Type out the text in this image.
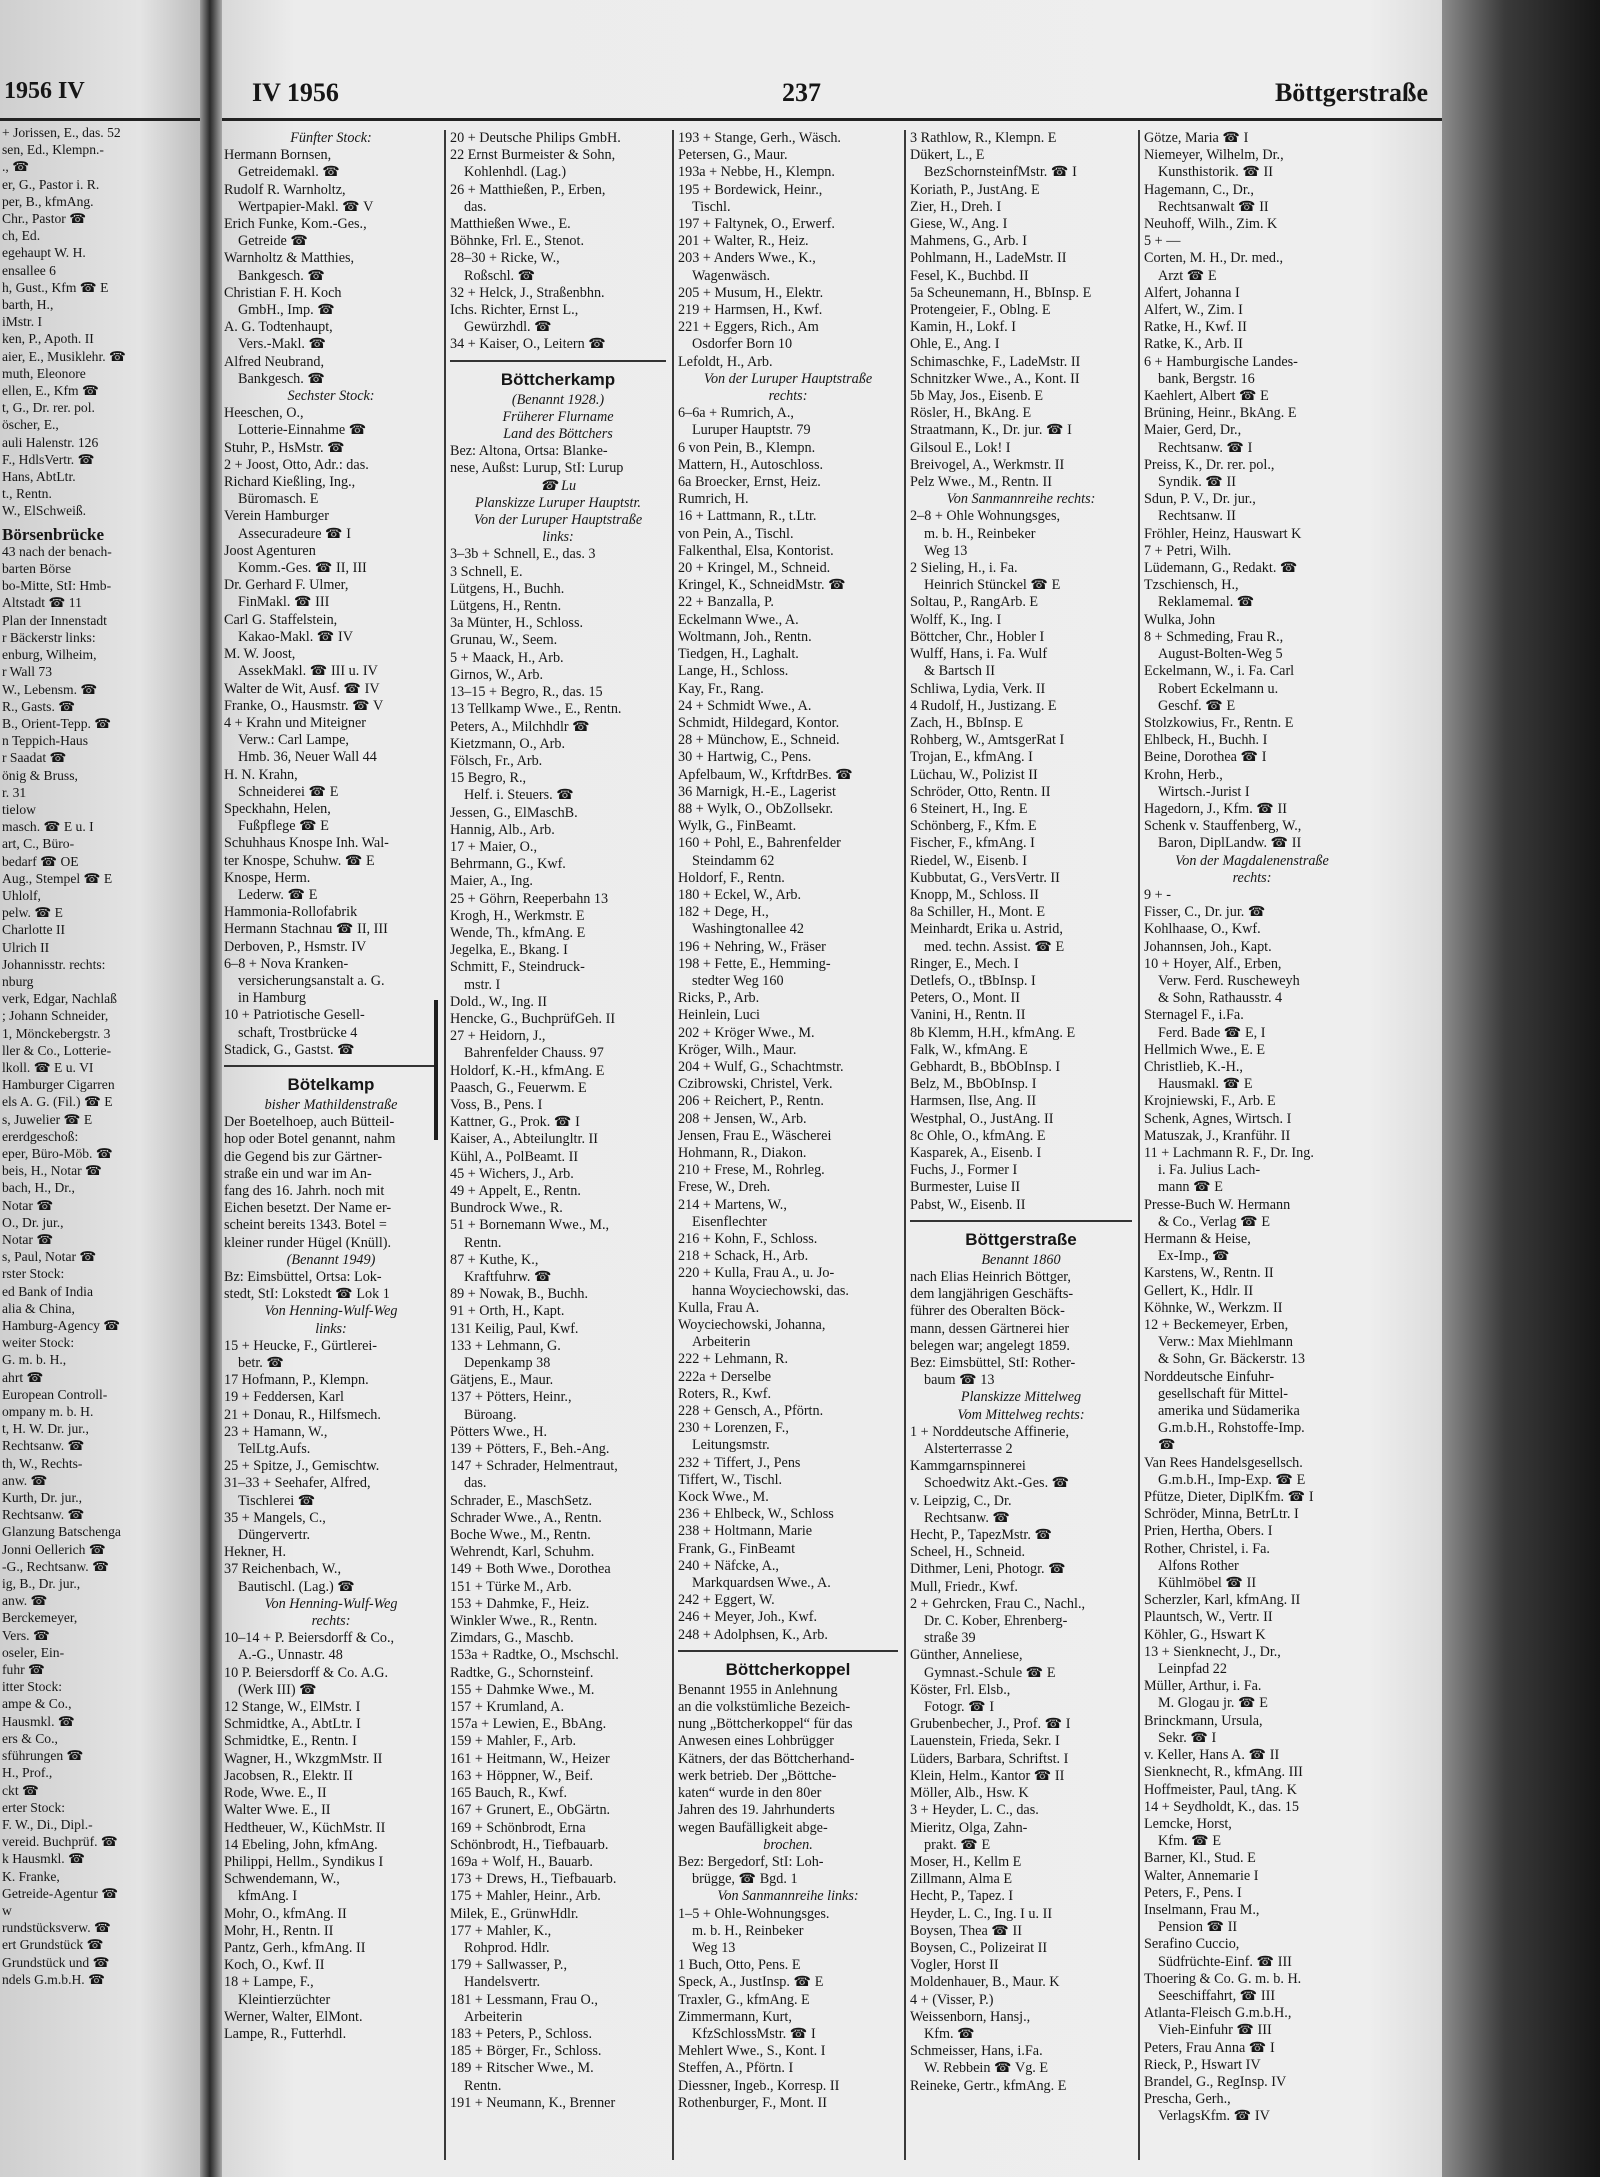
1956 IV
+ Jorissen, E., das. 52
sen, Ed., Klempn.-
., ☎
er, G., Pastor i. R.
per, B., kfmAng.
Chr., Pastor ☎
ch, Ed.
egehaupt W. H.
ensallee 6
h, Gust., Kfm ☎ E
barth, H.,
iMstr. I
ken, P., Apoth. II
aier, E., Musiklehr. ☎
muth, Eleonore
ellen, E., Kfm ☎
t, G., Dr. rer. pol.
öscher, E.,
auli Halenstr. 126
F., HdlsVertr. ☎
Hans, AbtLtr.
t., Rentn.
W., ElSchweiß.
Börsenbrücke
43 nach der benach-
barten Börse
bo-Mitte, StI: Hmb-
Altstadt ☎ 11
Plan der Innenstadt
r Bäckerstr links:
enburg, Wilheim,
r Wall 73
W., Lebensm. ☎
R., Gasts. ☎
B., Orient-Tepp. ☎
n Teppich-Haus
r Saadat ☎
önig & Bruss,
r. 31
tielow
masch. ☎ E u. I
art, C., Büro-
bedarf ☎ OE
Aug., Stempel ☎ E
Uhlolf,
pelw. ☎ E
Charlotte II
Ulrich II
Johannisstr. rechts:
nburg
verk, Edgar, Nachlaß
; Johann Schneider,
1, Mönckebergstr. 3
ller & Co., Lotterie-
lkoll. ☎ E u. VI
Hamburger Cigarren
els A. G. (Fil.) ☎ E
s, Juwelier ☎ E
ererdgeschoß:
eper, Büro-Möb. ☎
beis, H., Notar ☎
bach, H., Dr.,
Notar ☎
O., Dr. jur.,
Notar ☎
s, Paul, Notar ☎
rster Stock:
ed Bank of India
alia & China,
Hamburg-Agency ☎
weiter Stock:
G. m. b. H.,
ahrt ☎
European Controll-
ompany m. b. H.
t, H. W. Dr. jur.,
Rechtsanw. ☎
th, W., Rechts-
anw. ☎
Kurth, Dr. jur.,
Rechtsanw. ☎
Glanzung Batschenga
Jonni Oellerich ☎
-G., Rechtsanw. ☎
ig, B., Dr. jur.,
anw. ☎
Berckemeyer,
Vers. ☎
oseler, Ein-
fuhr ☎
itter Stock:
ampe & Co.,
Hausmkl. ☎
ers & Co.,
sführungen ☎
H., Prof.,
ckt ☎
erter Stock:
F. W., Di., Dipl.-
vereid. Buchprüf. ☎
k Hausmkl. ☎
K. Franke,
Getreide-Agentur ☎
w
rundstücksverw. ☎
ert Grundstück ☎
Grundstück und ☎
ndels G.m.b.H. ☎
IV 1956	237	Böttgerstraße
Fünfter Stock:
Hermann Bornsen,
Getreidemakl. ☎
Rudolf R. Warnholtz,
Wertpapier-Makl. ☎ V
Erich Funke, Kom.-Ges.,
Getreide ☎
Warnholtz & Matthies,
Bankgesch. ☎
Christian F. H. Koch
GmbH., Imp. ☎
A. G. Todtenhaupt,
Vers.-Makl. ☎
Alfred Neubrand,
Bankgesch. ☎
Sechster Stock:
Heeschen, O.,
Lotterie-Einnahme ☎
Stuhr, P., HsMstr. ☎
2 + Joost, Otto, Adr.: das.
Richard Kießling, Ing.,
Büromasch. E
Verein Hamburger
Assecuradeure ☎ I
Joost Agenturen
Komm.-Ges. ☎ II, III
Dr. Gerhard F. Ulmer,
FinMakl. ☎ III
Carl G. Staffelstein,
Kakao-Makl. ☎ IV
M. W. Joost,
AssekMakl. ☎ III u. IV
Walter de Wit, Ausf. ☎ IV
Franke, O., Hausmstr. ☎ V
4 + Krahn und Miteigner
Verw.: Carl Lampe,
Hmb. 36, Neuer Wall 44
H. N. Krahn,
Schneiderei ☎ E
Speckhahn, Helen,
Fußpflege ☎ E
Schuhhaus Knospe Inh. Wal-
ter Knospe, Schuhw. ☎ E
Knospe, Herm.
Lederw. ☎ E
Hammonia-Rollofabrik
Hermann Stachnau ☎ II, III
Derboven, P., Hsmstr. IV
6–8 + Nova Kranken-
versicherungsanstalt a. G.
in Hamburg
10 + Patriotische Gesell-
schaft, Trostbrücke 4
Stadick, G., Gastst. ☎
Bötelkamp
bisher Mathildenstraße
Der Boetelhoep, auch Bütteil-
hop oder Botel genannt, nahm
die Gegend bis zur Gärtner-
straße ein und war im An-
fang des 16. Jahrh. noch mit
Eichen besetzt. Der Name er-
scheint bereits 1343. Botel =
kleiner runder Hügel (Knüll).
(Benannt 1949)
Bz: Eimsbüttel, Ortsa: Lok-
stedt, StI: Lokstedt ☎ Lok 1
Von Henning-Wulf-Weg
links:
15 + Heucke, F., Gürtlerei-
betr. ☎
17 Hofmann, P., Klempn.
19 + Feddersen, Karl
21 + Donau, R., Hilfsmech.
23 + Hamann, W.,
TelLtg.Aufs.
25 + Spitze, J., Gemischtw.
31–33 + Seehafer, Alfred,
Tischlerei ☎
35 + Mangels, C.,
Düngervertr.
Hekner, H.
37 Reichenbach, W.,
Bautischl. (Lag.) ☎
Von Henning-Wulf-Weg
rechts:
10–14 + P. Beiersdorff & Co.,
A.-G., Unnastr. 48
10 P. Beiersdorff & Co. A.G.
(Werk III) ☎
12 Stange, W., ElMstr. I
Schmidtke, A., AbtLtr. I
Schmidtke, E., Rentn. I
Wagner, H., WkzgmMstr. II
Jacobsen, R., Elektr. II
Rode, Wwe. E., II
Walter Wwe. E., II
Hedtheuer, W., KüchMstr. II
14 Ebeling, John, kfmAng.
Philippi, Hellm., Syndikus I
Schwendemann, W.,
kfmAng. I
Mohr, O., kfmAng. II
Mohr, H., Rentn. II
Pantz, Gerh., kfmAng. II
Koch, O., Kwf. II
18 + Lampe, F.,
Kleintierzüchter
Werner, Walter, ElMont.
Lampe, R., Futterhdl.
20 + Deutsche Philips GmbH.
22 Ernst Burmeister & Sohn,
Kohlenhdl. (Lag.)
26 + Matthießen, P., Erben,
das.
Matthießen Wwe., E.
Böhnke, Frl. E., Stenot.
28–30 + Ricke, W.,
Roßschl. ☎
32 + Helck, J., Straßenbhn.
Ichs. Richter, Ernst L.,
Gewürzhdl. ☎
34 + Kaiser, O., Leitern ☎
Böttcherkamp
(Benannt 1928.)
Früherer Flurname
Land des Böttchers
Bez: Altona, Ortsa: Blanke-
nese, Außst: Lurup, StI: Lurup
☎ Lu
Planskizze Luruper Hauptstr.
Von der Luruper Hauptstraße
links:
3–3b + Schnell, E., das. 3
3 Schnell, E.
Lütgens, H., Buchh.
Lütgens, H., Rentn.
3a Münter, H., Schloss.
Grunau, W., Seem.
5 + Maack, H., Arb.
Girnos, W., Arb.
13–15 + Begro, R., das. 15
13 Tellkamp Wwe., E., Rentn.
Peters, A., Milchhdlr ☎
Kietzmann, O., Arb.
Fölsch, Fr., Arb.
15 Begro, R.,
Helf. i. Steuers. ☎
Jessen, G., ElMaschB.
Hannig, Alb., Arb.
17 + Maier, O.,
Behrmann, G., Kwf.
Maier, A., Ing.
25 + Göhrn, Reeperbahn 13
Krogh, H., Werkmstr. E
Wende, Th., kfmAng. E
Jegelka, E., Bkang. I
Schmitt, F., Steindruck-
mstr. I
Dold., W., Ing. II
Hencke, G., BuchprüfGeh. II
27 + Heidorn, J.,
Bahrenfelder Chauss. 97
Holdorf, K.-H., kfmAng. E
Paasch, G., Feuerwm. E
Voss, B., Pens. I
Kattner, G., Prok. ☎ I
Kaiser, A., Abteilungltr. II
Kühl, A., PolBeamt. II
45 + Wichers, J., Arb.
49 + Appelt, E., Rentn.
Bundrock Wwe., R.
51 + Bornemann Wwe., M.,
Rentn.
87 + Kuthe, K.,
Kraftfuhrw. ☎
89 + Nowak, B., Buchh.
91 + Orth, H., Kapt.
131 Keilig, Paul, Kwf.
133 + Lehmann, G.
Depenkamp 38
Gätjens, E., Maur.
137 + Pötters, Heinr.,
Büroang.
Pötters Wwe., H.
139 + Pötters, F., Beh.-Ang.
147 + Schrader, Helmentraut,
das.
Schrader, E., MaschSetz.
Schrader Wwe., A., Rentn.
Boche Wwe., M., Rentn.
Wehrendt, Karl, Schuhm.
149 + Both Wwe., Dorothea
151 + Türke M., Arb.
153 + Dahmke, F., Heiz.
Winkler Wwe., R., Rentn.
Zimdars, G., Maschb.
153a + Radtke, O., Mschschl.
Radtke, G., Schornsteinf.
155 + Dahmke Wwe., M.
157 + Krumland, A.
157a + Lewien, E., BbAng.
159 + Mahler, F., Arb.
161 + Heitmann, W., Heizer
163 + Höppner, W., Beif.
165 Bauch, R., Kwf.
167 + Grunert, E., ObGärtn.
169 + Schönbrodt, Erna
Schönbrodt, H., Tiefbauarb.
169a + Wolf, H., Bauarb.
173 + Drews, H., Tiefbauarb.
175 + Mahler, Heinr., Arb.
Milek, E., GrünwHdlr.
177 + Mahler, K.,
Rohprod. Hdlr.
179 + Sallwasser, P.,
Handelsvertr.
181 + Lessmann, Frau O.,
Arbeiterin
183 + Peters, P., Schloss.
185 + Börger, Fr., Schloss.
189 + Ritscher Wwe., M.
Rentn.
191 + Neumann, K., Brenner
193 + Stange, Gerh., Wäsch.
Petersen, G., Maur.
193a + Nebbe, H., Klempn.
195 + Bordewick, Heinr.,
Tischl.
197 + Faltynek, O., Erwerf.
201 + Walter, R., Heiz.
203 + Anders Wwe., K.,
Wagenwäsch.
205 + Musum, H., Elektr.
219 + Harmsen, H., Kwf.
221 + Eggers, Rich., Am
Osdorfer Born 10
Lefoldt, H., Arb.
Von der Luruper Hauptstraße
rechts:
6–6a + Rumrich, A.,
Luruper Hauptstr. 79
6 von Pein, B., Klempn.
Mattern, H., Autoschloss.
6a Broecker, Ernst, Heiz.
Rumrich, H.
16 + Lattmann, R., t.Ltr.
von Pein, A., Tischl.
Falkenthal, Elsa, Kontorist.
20 + Kringel, M., Schneid.
Kringel, K., SchneidMstr. ☎
22 + Banzalla, P.
Eckelmann Wwe., A.
Woltmann, Joh., Rentn.
Tiedgen, H., Laghalt.
Lange, H., Schloss.
Kay, Fr., Rang.
24 + Schmidt Wwe., A.
Schmidt, Hildegard, Kontor.
28 + Münchow, E., Schneid.
30 + Hartwig, C., Pens.
Apfelbaum, W., KrftdrBes. ☎
36 Marnigk, H.-E., Lagerist
88 + Wylk, O., ObZollsekr.
Wylk, G., FinBeamt.
160 + Pohl, E., Bahrenfelder
Steindamm 62
Holdorf, F., Rentn.
180 + Eckel, W., Arb.
182 + Dege, H.,
Washingtonallee 42
196 + Nehring, W., Fräser
198 + Fette, E., Hemming-
stedter Weg 160
Ricks, P., Arb.
Heinlein, Luci
202 + Kröger Wwe., M.
Kröger, Wilh., Maur.
204 + Wulf, G., Schachtmstr.
Czibrowski, Christel, Verk.
206 + Reichert, P., Rentn.
208 + Jensen, W., Arb.
Jensen, Frau E., Wäscherei
Hohmann, R., Diakon.
210 + Frese, M., Rohrleg.
Frese, W., Dreh.
214 + Martens, W.,
Eisenflechter
216 + Kohn, F., Schloss.
218 + Schack, H., Arb.
220 + Kulla, Frau A., u. Jo-
hanna Woyciechowski, das.
Kulla, Frau A.
Woyciechowski, Johanna,
Arbeiterin
222 + Lehmann, R.
222a + Derselbe
Roters, R., Kwf.
228 + Gensch, A., Pförtn.
230 + Lorenzen, F.,
Leitungsmstr.
232 + Tiffert, J., Pens
Tiffert, W., Tischl.
Kock Wwe., M.
236 + Ehlbeck, W., Schloss
238 + Holtmann, Marie
Frank, G., FinBeamt
240 + Näfcke, A.,
Markquardsen Wwe., A.
242 + Eggert, W.
246 + Meyer, Joh., Kwf.
248 + Adolphsen, K., Arb.
Böttcherkoppel
Benannt 1955 in Anlehnung
an die volkstümliche Bezeich-
nung „Böttcherkoppel“ für das
Anwesen eines Lohbrügger
Kätners, der das Böttcherhand-
werk betrieb. Der „Böttche-
katen“ wurde in den 80er
Jahren des 19. Jahrhunderts
wegen Baufälligkeit abge-
brochen.
Bez: Bergedorf, StI: Loh-
brügge, ☎ Bgd. 1
Von Sanmannreihe links:
1–5 + Ohle-Wohnungsges.
m. b. H., Reinbeker
Weg 13
1 Buch, Otto, Pens. E
Speck, A., JustInsp. ☎ E
Traxler, G., kfmAng. E
Zimmermann, Kurt,
KfzSchlossMstr. ☎ I
Mehlert Wwe., S., Kont. I
Steffen, A., Pförtn. I
Diessner, Ingeb., Korresp. II
Rothenburger, F., Mont. II
3 Rathlow, R., Klempn. E
Dükert, L., E
BezSchornsteinfMstr. ☎ I
Koriath, P., JustAng. E
Zier, H., Dreh. I
Giese, W., Ang. I
Mahmens, G., Arb. I
Pohlmann, H., LadeMstr. II
Fesel, K., Buchbd. II
5a Scheunemann, H., BbInsp. E
Protengeier, F., Oblng. E
Kamin, H., Lokf. I
Ohle, E., Ang. I
Schimaschke, F., LadeMstr. II
Schnitzker Wwe., A., Kont. II
5b May, Jos., Eisenb. E
Rösler, H., BkAng. E
Straatmann, K., Dr. jur. ☎ I
Gilsoul E., Lok! I
Breivogel, A., Werkmstr. II
Pelz Wwe., M., Rentn. II
Von Sanmannreihe rechts:
2–8 + Ohle Wohnungsges,
m. b. H., Reinbeker
Weg 13
2 Sieling, H., i. Fa.
Heinrich Stünckel ☎ E
Soltau, P., RangArb. E
Wolff, K., Ing. I
Böttcher, Chr., Hobler I
Wulff, Hans, i. Fa. Wulf
& Bartsch II
Schliwa, Lydia, Verk. II
4 Rudolf, H., Justizang. E
Zach, H., BbInsp. E
Rohberg, W., AmtsgerRat I
Trojan, E., kfmAng. I
Lüchau, W., Polizist II
Schröder, Otto, Rentn. II
6 Steinert, H., Ing. E
Schönberg, F., Kfm. E
Fischer, F., kfmAng. I
Riedel, W., Eisenb. I
Kubbutat, G., VersVertr. II
Knopp, M., Schloss. II
8a Schiller, H., Mont. E
Meinhardt, Erika u. Astrid,
med. techn. Assist. ☎ E
Ringer, E., Mech. I
Detlefs, O., tBbInsp. I
Peters, O., Mont. II
Vanini, H., Rentn. II
8b Klemm, H.H., kfmAng. E
Falk, W., kfmAng. E
Gebhardt, B., BbObInsp. I
Belz, M., BbObInsp. I
Harmsen, Ilse, Ang. II
Westphal, O., JustAng. II
8c Ohle, O., kfmAng. E
Kasparek, A., Eisenb. I
Fuchs, J., Former I
Burmester, Luise II
Pabst, W., Eisenb. II
Böttgerstraße
Benannt 1860
nach Elias Heinrich Böttger,
dem langjährigen Geschäfts-
führer des Oberalten Böck-
mann, dessen Gärtnerei hier
belegen war; angelegt 1859.
Bez: Eimsbüttel, StI: Rother-
baum ☎ 13
Planskizze Mittelweg
Vom Mittelweg rechts:
1 + Norddeutsche Affinerie,
Alsterterrasse 2
Kammgarnspinnerei
Schoedwitz Akt.-Ges. ☎
v. Leipzig, C., Dr.
Rechtsanw. ☎
Hecht, P., TapezMstr. ☎
Scheel, H., Schneid.
Dithmer, Leni, Photogr. ☎
Mull, Friedr., Kwf.
2 + Gehrcken, Frau C., Nachl.,
Dr. C. Kober, Ehrenberg-
straße 39
Günther, Anneliese,
Gymnast.-Schule ☎ E
Köster, Frl. Elsb.,
Fotogr. ☎ I
Grubenbecher, J., Prof. ☎ I
Lauenstein, Frieda, Sekr. I
Lüders, Barbara, Schriftst. I
Klein, Helm., Kantor ☎ II
Möller, Alb., Hsw. K
3 + Heyder, L. C., das.
Mieritz, Olga, Zahn-
prakt. ☎ E
Moser, H., Kellm E
Zillmann, Alma E
Hecht, P., Tapez. I
Heyder, L. C., Ing. I u. II
Boysen, Thea ☎ II
Boysen, C., Polizeirat II
Vogler, Horst II
Moldenhauer, B., Maur. K
4 + (Visser, P.)
Weissenborn, Hansj.,
Kfm. ☎
Schmeisser, Hans, i.Fa.
W. Rebbein ☎ Vg. E
Reineke, Gertr., kfmAng. E
Götze, Maria ☎ I
Niemeyer, Wilhelm, Dr.,
Kunsthistorik. ☎ II
Hagemann, C., Dr.,
Rechtsanwalt ☎ II
Neuhoff, Wilh., Zim. K
5 + —
Corten, M. H., Dr. med.,
Arzt ☎ E
Alfert, Johanna I
Alfert, W., Zim. I
Ratke, H., Kwf. II
Ratke, K., Arb. II
6 + Hamburgische Landes-
bank, Bergstr. 16
Kaehlert, Albert ☎ E
Brüning, Heinr., BkAng. E
Maier, Gerd, Dr.,
Rechtsanw. ☎ I
Preiss, K., Dr. rer. pol.,
Syndik. ☎ II
Sdun, P. V., Dr. jur.,
Rechtsanw. II
Fröhler, Heinz, Hauswart K
7 + Petri, Wilh.
Lüdemann, G., Redakt. ☎
Tzschiensch, H.,
Reklamemal. ☎
Wulka, John
8 + Schmeding, Frau R.,
August-Bolten-Weg 5
Eckelmann, W., i. Fa. Carl
Robert Eckelmann u.
Geschf. ☎ E
Stolzkowius, Fr., Rentn. E
Ehlbeck, H., Buchh. I
Beine, Dorothea ☎ I
Krohn, Herb.,
Wirtsch.-Jurist I
Hagedorn, J., Kfm. ☎ II
Schenk v. Stauffenberg, W.,
Baron, DiplLandw. ☎ II
Von der Magdalenenstraße
rechts:
9 + -
Fisser, C., Dr. jur. ☎
Kohlhaase, O., Kwf.
Johannsen, Joh., Kapt.
10 + Hoyer, Alf., Erben,
Verw. Ferd. Ruscheweyh
& Sohn, Rathausstr. 4
Sternagel F., i.Fa.
Ferd. Bade ☎ E, I
Hellmich Wwe., E. E
Christlieb, K.-H.,
Hausmakl. ☎ E
Krojniewski, F., Arb. E
Schenk, Agnes, Wirtsch. I
Matuszak, J., Kranführ. II
11 + Lachmann R. F., Dr. Ing.
i. Fa. Julius Lach-
mann ☎ E
Presse-Buch W. Hermann
& Co., Verlag ☎ E
Hermann & Heise,
Ex-Imp., ☎
Karstens, W., Rentn. II
Gellert, K., Hdlr. II
Köhnke, W., Werkzm. II
12 + Beckemeyer, Erben,
Verw.: Max Miehlmann
& Sohn, Gr. Bäckerstr. 13
Norddeutsche Einfuhr-
gesellschaft für Mittel-
amerika und Südamerika
G.m.b.H., Rohstoffe-Imp.
☎
Van Rees Handelsgesellsch.
G.m.b.H., Imp-Exp. ☎ E
Pfütze, Dieter, DiplKfm. ☎ I
Schröder, Minna, BetrLtr. I
Prien, Hertha, Obers. I
Rother, Christel, i. Fa.
Alfons Rother
Kühlmöbel ☎ II
Scherzler, Karl, kfmAng. II
Plauntsch, W., Vertr. II
Köhler, G., Hswart K
13 + Sienknecht, J., Dr.,
Leinpfad 22
Müller, Arthur, i. Fa.
M. Glogau jr. ☎ E
Brinckmann, Ursula,
Sekr. ☎ I
v. Keller, Hans A. ☎ II
Sienknecht, R., kfmAng. III
Hoffmeister, Paul, tAng. K
14 + Seydholdt, K., das. 15
Lemcke, Horst,
Kfm. ☎ E
Barner, Kl., Stud. E
Walter, Annemarie I
Peters, F., Pens. I
Inselmann, Frau M.,
Pension ☎ II
Serafino Cuccio,
Südfrüchte-Einf. ☎ III
Thoering & Co. G. m. b. H.
Seeschiffahrt, ☎ III
Atlanta-Fleisch G.m.b.H.,
Vieh-Einfuhr ☎ III
Peters, Frau Anna ☎ I
Rieck, P., Hswart IV
Brandel, G., RegInsp. IV
Prescha, Gerh.,
VerlagsKfm. ☎ IV
